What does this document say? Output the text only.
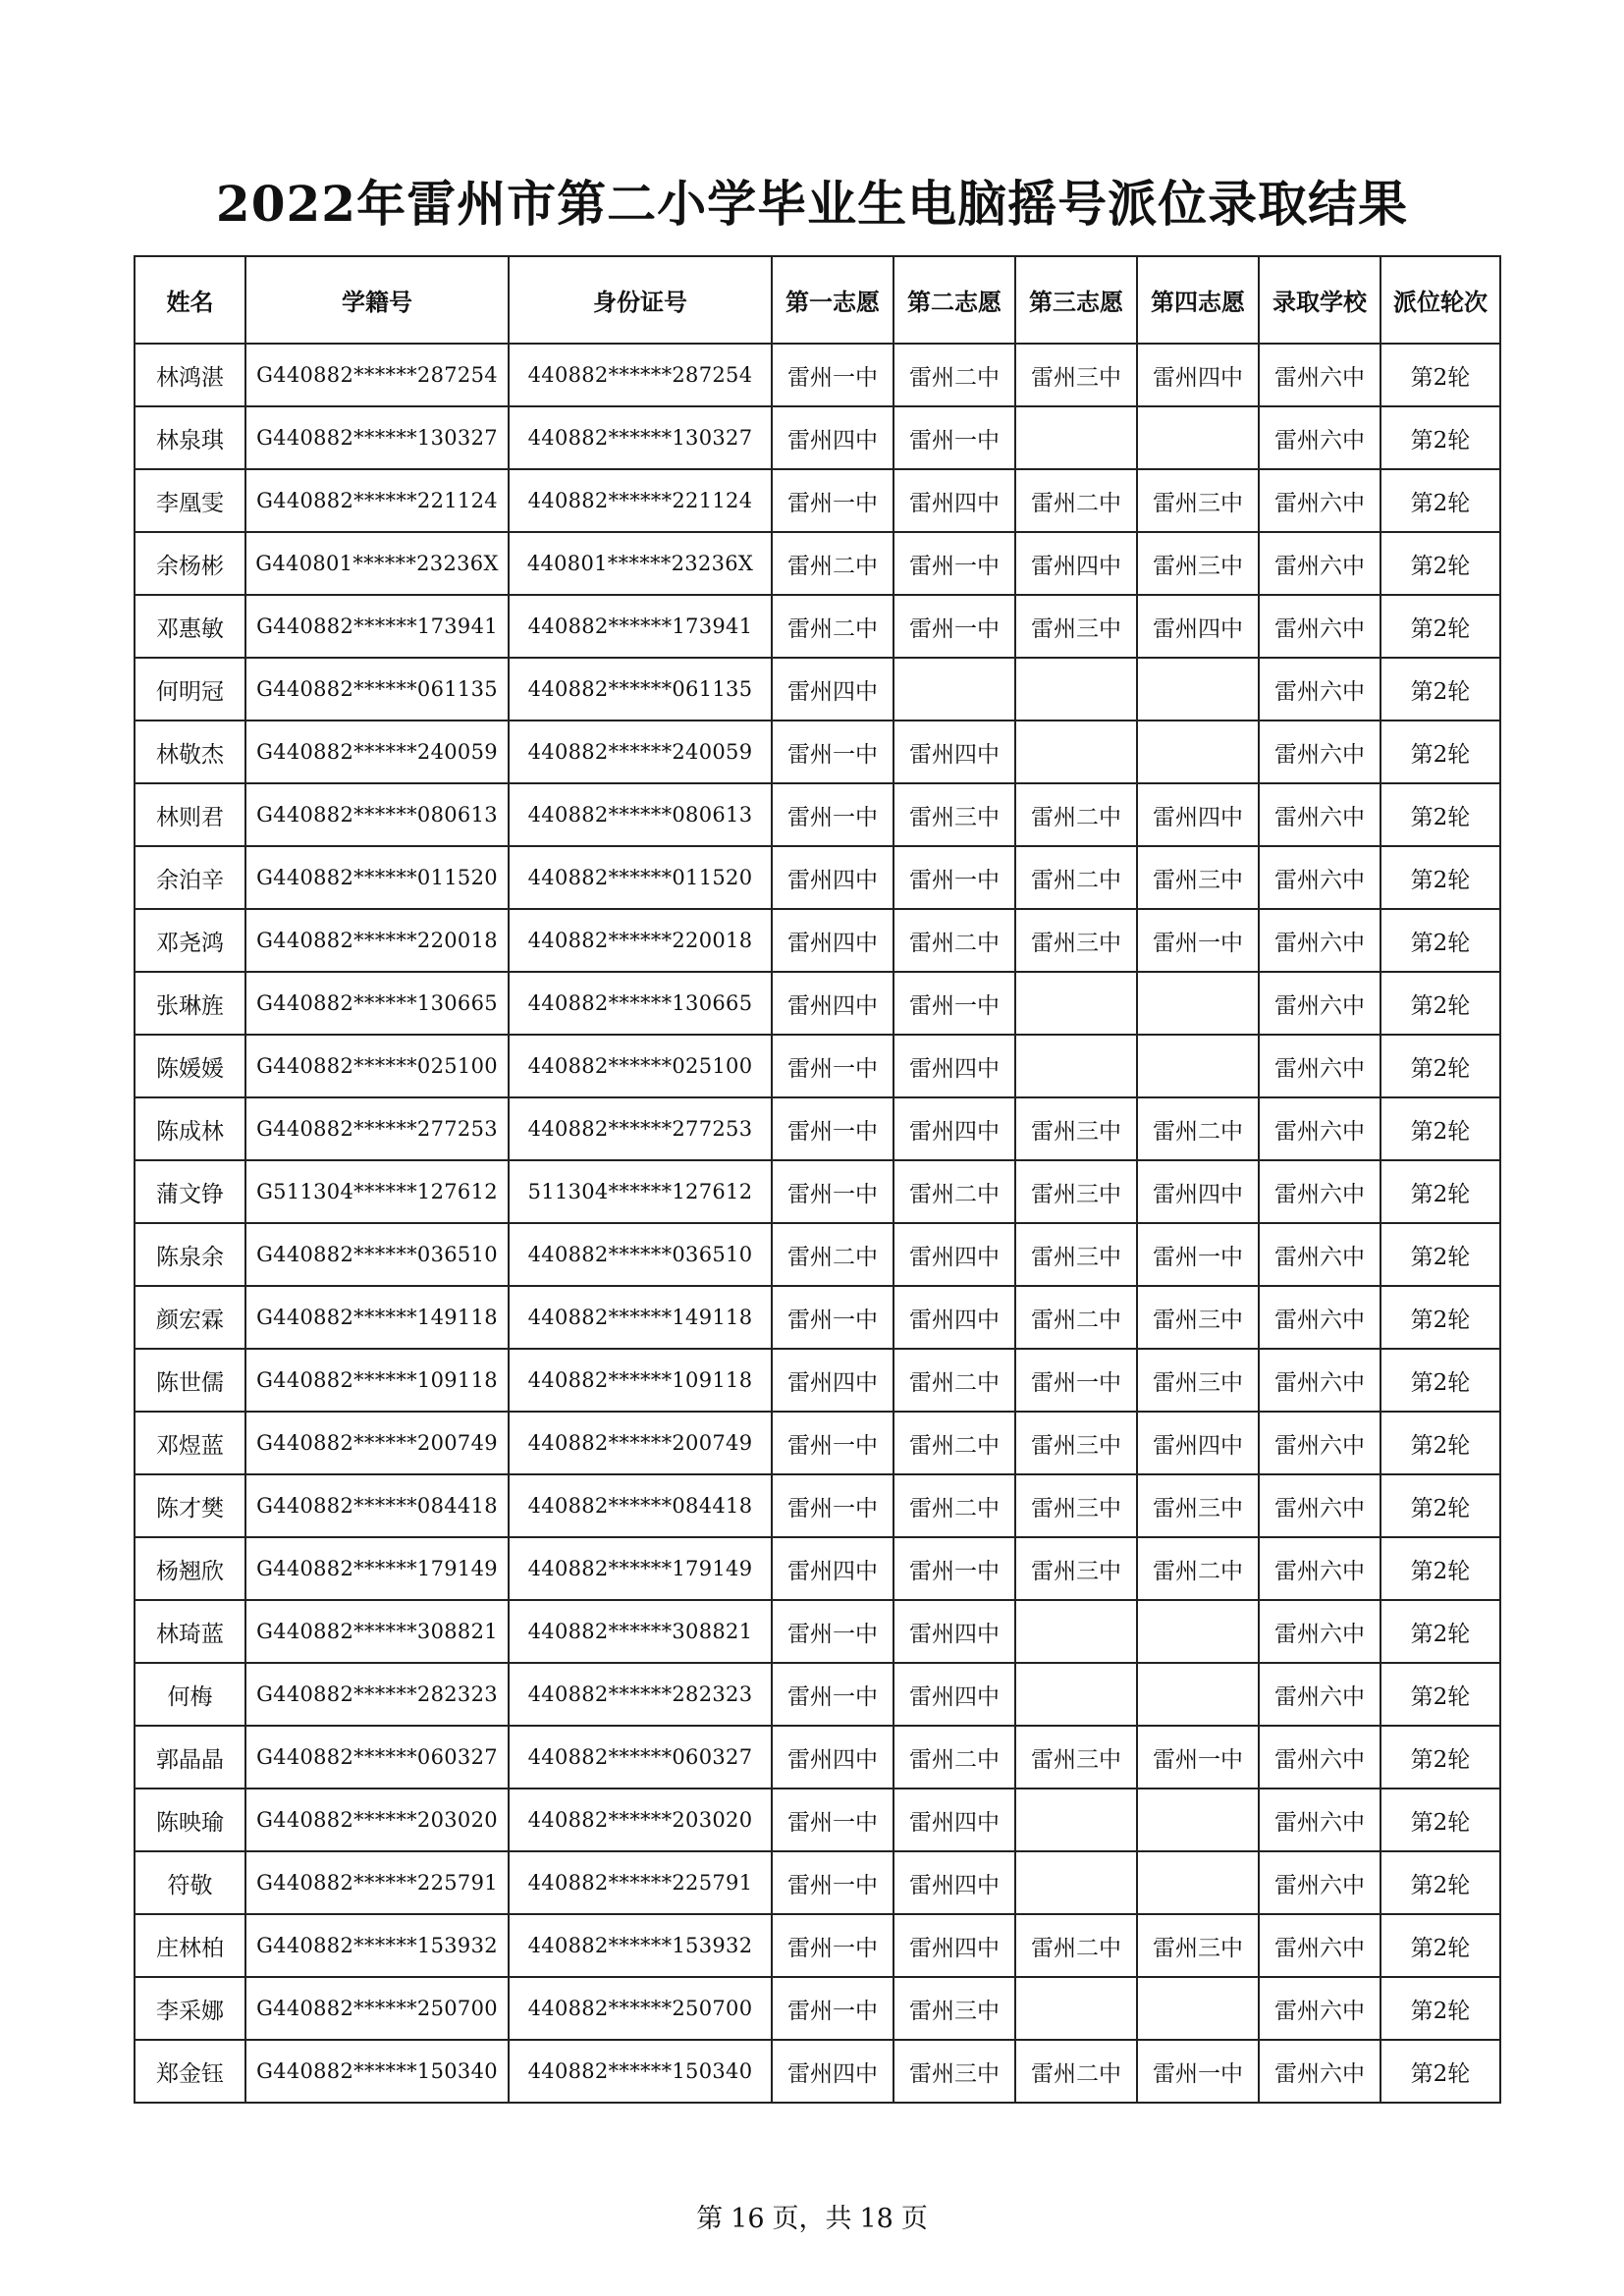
2022年雷州市第二小学毕业生电脑摇号派位录取结果
姓名	学籍号	身份证号	第一志愿	第二志愿	第三志愿	第四志愿	录取学校	派位轮次
林鸿湛	G440882******287254	440882******287254	雷州一中	雷州二中	雷州三中	雷州四中	雷州六中	第2轮
林泉琪	G440882******130327	440882******130327	雷州四中	雷州一中			雷州六中	第2轮
李凰雯	G440882******221124	440882******221124	雷州一中	雷州四中	雷州二中	雷州三中	雷州六中	第2轮
余杨彬	G440801******23236X	440801******23236X	雷州二中	雷州一中	雷州四中	雷州三中	雷州六中	第2轮
邓惠敏	G440882******173941	440882******173941	雷州二中	雷州一中	雷州三中	雷州四中	雷州六中	第2轮
何明冠	G440882******061135	440882******061135	雷州四中				雷州六中	第2轮
林敬杰	G440882******240059	440882******240059	雷州一中	雷州四中			雷州六中	第2轮
林则君	G440882******080613	440882******080613	雷州一中	雷州三中	雷州二中	雷州四中	雷州六中	第2轮
余泊辛	G440882******011520	440882******011520	雷州四中	雷州一中	雷州二中	雷州三中	雷州六中	第2轮
邓尧鸿	G440882******220018	440882******220018	雷州四中	雷州二中	雷州三中	雷州一中	雷州六中	第2轮
张琳旌	G440882******130665	440882******130665	雷州四中	雷州一中			雷州六中	第2轮
陈媛媛	G440882******025100	440882******025100	雷州一中	雷州四中			雷州六中	第2轮
陈成林	G440882******277253	440882******277253	雷州一中	雷州四中	雷州三中	雷州二中	雷州六中	第2轮
蒲文铮	G511304******127612	511304******127612	雷州一中	雷州二中	雷州三中	雷州四中	雷州六中	第2轮
陈泉余	G440882******036510	440882******036510	雷州二中	雷州四中	雷州三中	雷州一中	雷州六中	第2轮
颜宏霖	G440882******149118	440882******149118	雷州一中	雷州四中	雷州二中	雷州三中	雷州六中	第2轮
陈世儒	G440882******109118	440882******109118	雷州四中	雷州二中	雷州一中	雷州三中	雷州六中	第2轮
邓煜蓝	G440882******200749	440882******200749	雷州一中	雷州二中	雷州三中	雷州四中	雷州六中	第2轮
陈才樊	G440882******084418	440882******084418	雷州一中	雷州二中	雷州三中	雷州三中	雷州六中	第2轮
杨翘欣	G440882******179149	440882******179149	雷州四中	雷州一中	雷州三中	雷州二中	雷州六中	第2轮
林琦蓝	G440882******308821	440882******308821	雷州一中	雷州四中			雷州六中	第2轮
何梅	G440882******282323	440882******282323	雷州一中	雷州四中			雷州六中	第2轮
郭晶晶	G440882******060327	440882******060327	雷州四中	雷州二中	雷州三中	雷州一中	雷州六中	第2轮
陈映瑜	G440882******203020	440882******203020	雷州一中	雷州四中			雷州六中	第2轮
符敬	G440882******225791	440882******225791	雷州一中	雷州四中			雷州六中	第2轮
庄林柏	G440882******153932	440882******153932	雷州一中	雷州四中	雷州二中	雷州三中	雷州六中	第2轮
李采娜	G440882******250700	440882******250700	雷州一中	雷州三中			雷州六中	第2轮
郑金钰	G440882******150340	440882******150340	雷州四中	雷州三中	雷州二中	雷州一中	雷州六中	第2轮
第 16 页，共 18 页
